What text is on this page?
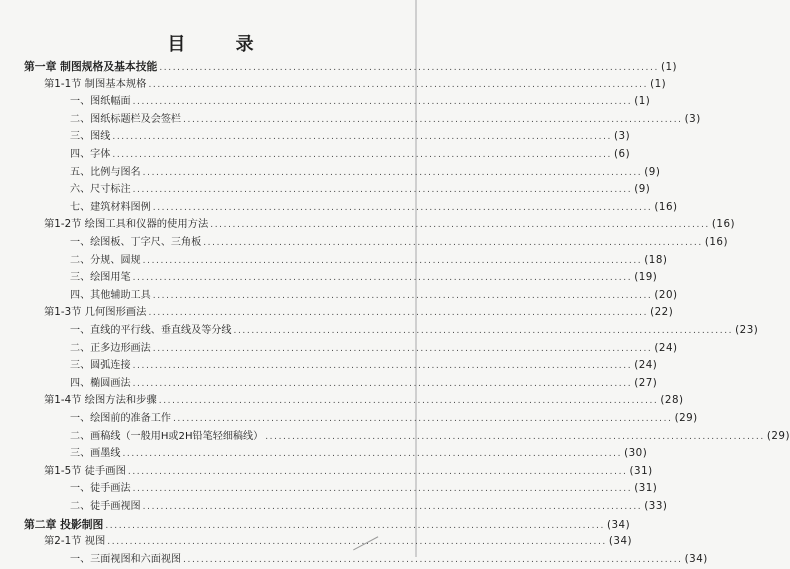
目 录
第一章 制图规格及基本技能 ................................................................................................................ (1)
第1-1节 制图基本规格 ................................................................................................................ (1)
一、图纸幅面 ................................................................................................................ (1)
二、图纸标题栏及会签栏 ................................................................................................................ (3)
三、图线 ................................................................................................................ (3)
四、字体 ................................................................................................................ (6)
五、比例与图名 ................................................................................................................ (9)
六、尺寸标注 ................................................................................................................ (9)
七、建筑材料图例 ................................................................................................................ (16)
第1-2节 绘图工具和仪器的使用方法 ................................................................................................................ (16)
一、绘图板、丁字尺、三角板 ................................................................................................................ (16)
二、分规、圆规 ................................................................................................................ (18)
三、绘图用笔 ................................................................................................................ (19)
四、其他辅助工具 ................................................................................................................ (20)
第1-3节 几何图形画法 ................................................................................................................ (22)
一、直线的平行线、垂直线及等分线 ................................................................................................................ (23)
二、正多边形画法 ................................................................................................................ (24)
三、圆弧连接 ................................................................................................................ (24)
四、椭圆画法 ................................................................................................................ (27)
第1-4节 绘图方法和步骤 ................................................................................................................ (28)
一、绘图前的准备工作 ................................................................................................................ (29)
二、画稿线（一般用H或2H铅笔轻细稿线） ................................................................................................................ (29)
三、画墨线 ................................................................................................................ (30)
第1-5节 徒手画图 ................................................................................................................ (31)
一、徒手画法 ................................................................................................................ (31)
二、徒手画视图 ................................................................................................................ (33)
第二章 投影制图 ................................................................................................................ (34)
第2-1节 视图 ................................................................................................................ (34)
一、三面视图和六面视图 ................................................................................................................ (34)
